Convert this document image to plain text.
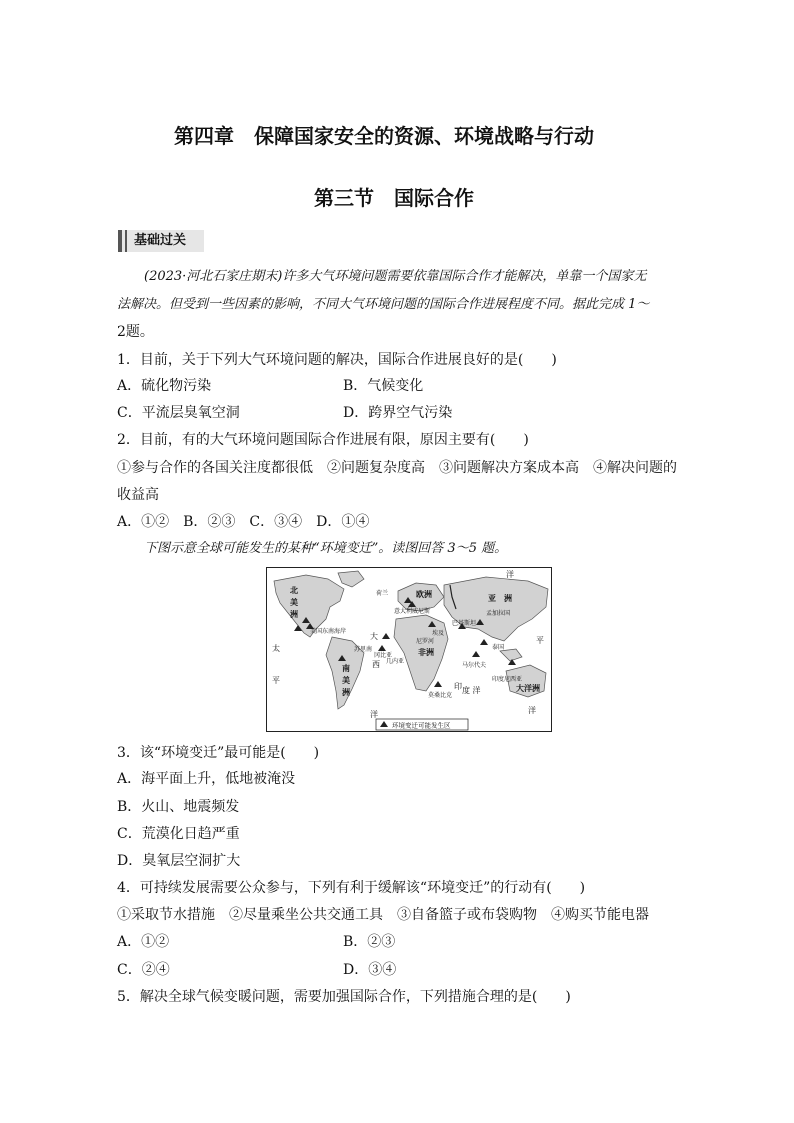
第四章　保障国家安全的资源、环境战略与行动
第三节　国际合作
基础过关
(2023·河北石家庄期末)许多大气环境问题需要依靠国际合作才能解决，单靠一个国家无
法解决。但受到一些因素的影响，不同大气环境问题的国际合作进展程度不同。据此完成 1～
2题。
1．目前，关于下列大气环境问题的解决，国际合作进展良好的是(　　)
A．硫化物污染	B．气候变化
C．平流层臭氧空洞	D．跨界空气污染
2．目前，有的大气环境问题国际合作进展有限，原因主要有(　　)
①参与合作的各国关注度都很低　②问题复杂度高　③问题解决方案成本高　④解决问题的
收益高
A．①②　B．②③　C．③④　D．①④
下图示意全球可能发生的某种“环境变迁”。读图回答 3～5 题。
北
美
洲
南
美
洲
欧洲	亚　洲
非洲
大洋洲
洋
太
平
大
西
洋
印 度 洋
平
洋
荷兰
意大利威尼斯
美国东南海岸	埃及
尼罗河
巴基斯坦
孟加拉国
苏里南
冈比亚
几内亚
马尔代夫
印度尼西亚
莫桑比克
泰国
环境变迁可能发生区
3．该“环境变迁”最可能是(　　)
A．海平面上升，低地被淹没
B．火山、地震频发
C．荒漠化日趋严重
D．臭氧层空洞扩大
4．可持续发展需要公众参与，下列有利于缓解该“环境变迁”的行动有(　　)
①采取节水措施　②尽量乘坐公共交通工具　③自备篮子或布袋购物　④购买节能电器
A．①②	B．②③
C．②④	D．③④
5．解决全球气候变暖问题，需要加强国际合作，下列措施合理的是(　　)
